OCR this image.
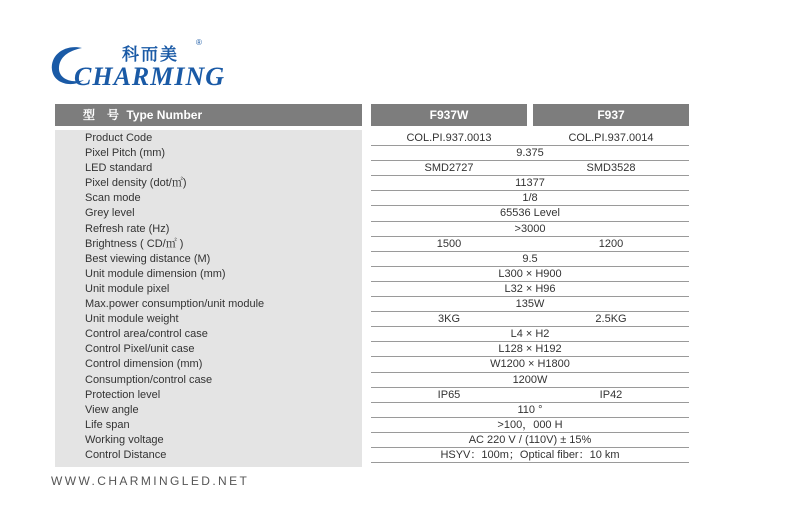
科而美
®
CHARMING
型　号 Type Number	F937W	F937
Product Code	COL.PI.937.0013	COL.PI.937.0014
Pixel Pitch (mm)	9.375
LED standard	SMD2727	SMD3528
Pixel density (dot/㎡)	11377
Scan mode	1/8
Grey level	65536 Level
Refresh rate (Hz)	>3000
Brightness ( CD/㎡ )	1500	1200
Best viewing distance (M)	9.5
Unit module dimension (mm)	L300 × H900
Unit module pixel	L32 × H96
Max.power consumption/unit module	135W
Unit module weight	3KG	2.5KG
Control area/control case	L4 × H2
Control Pixel/unit case	L128 × H192
Control dimension (mm)	W1200 × H1800
Consumption/control case	1200W
Protection level	IP65	IP42
View angle	110 °
Life span	>100，000 H
Working voltage	AC 220 V / (110V) ± 15%
Control Distance	HSYV：100m；Optical fiber：10 km
WWW.CHARMINGLED.NET
